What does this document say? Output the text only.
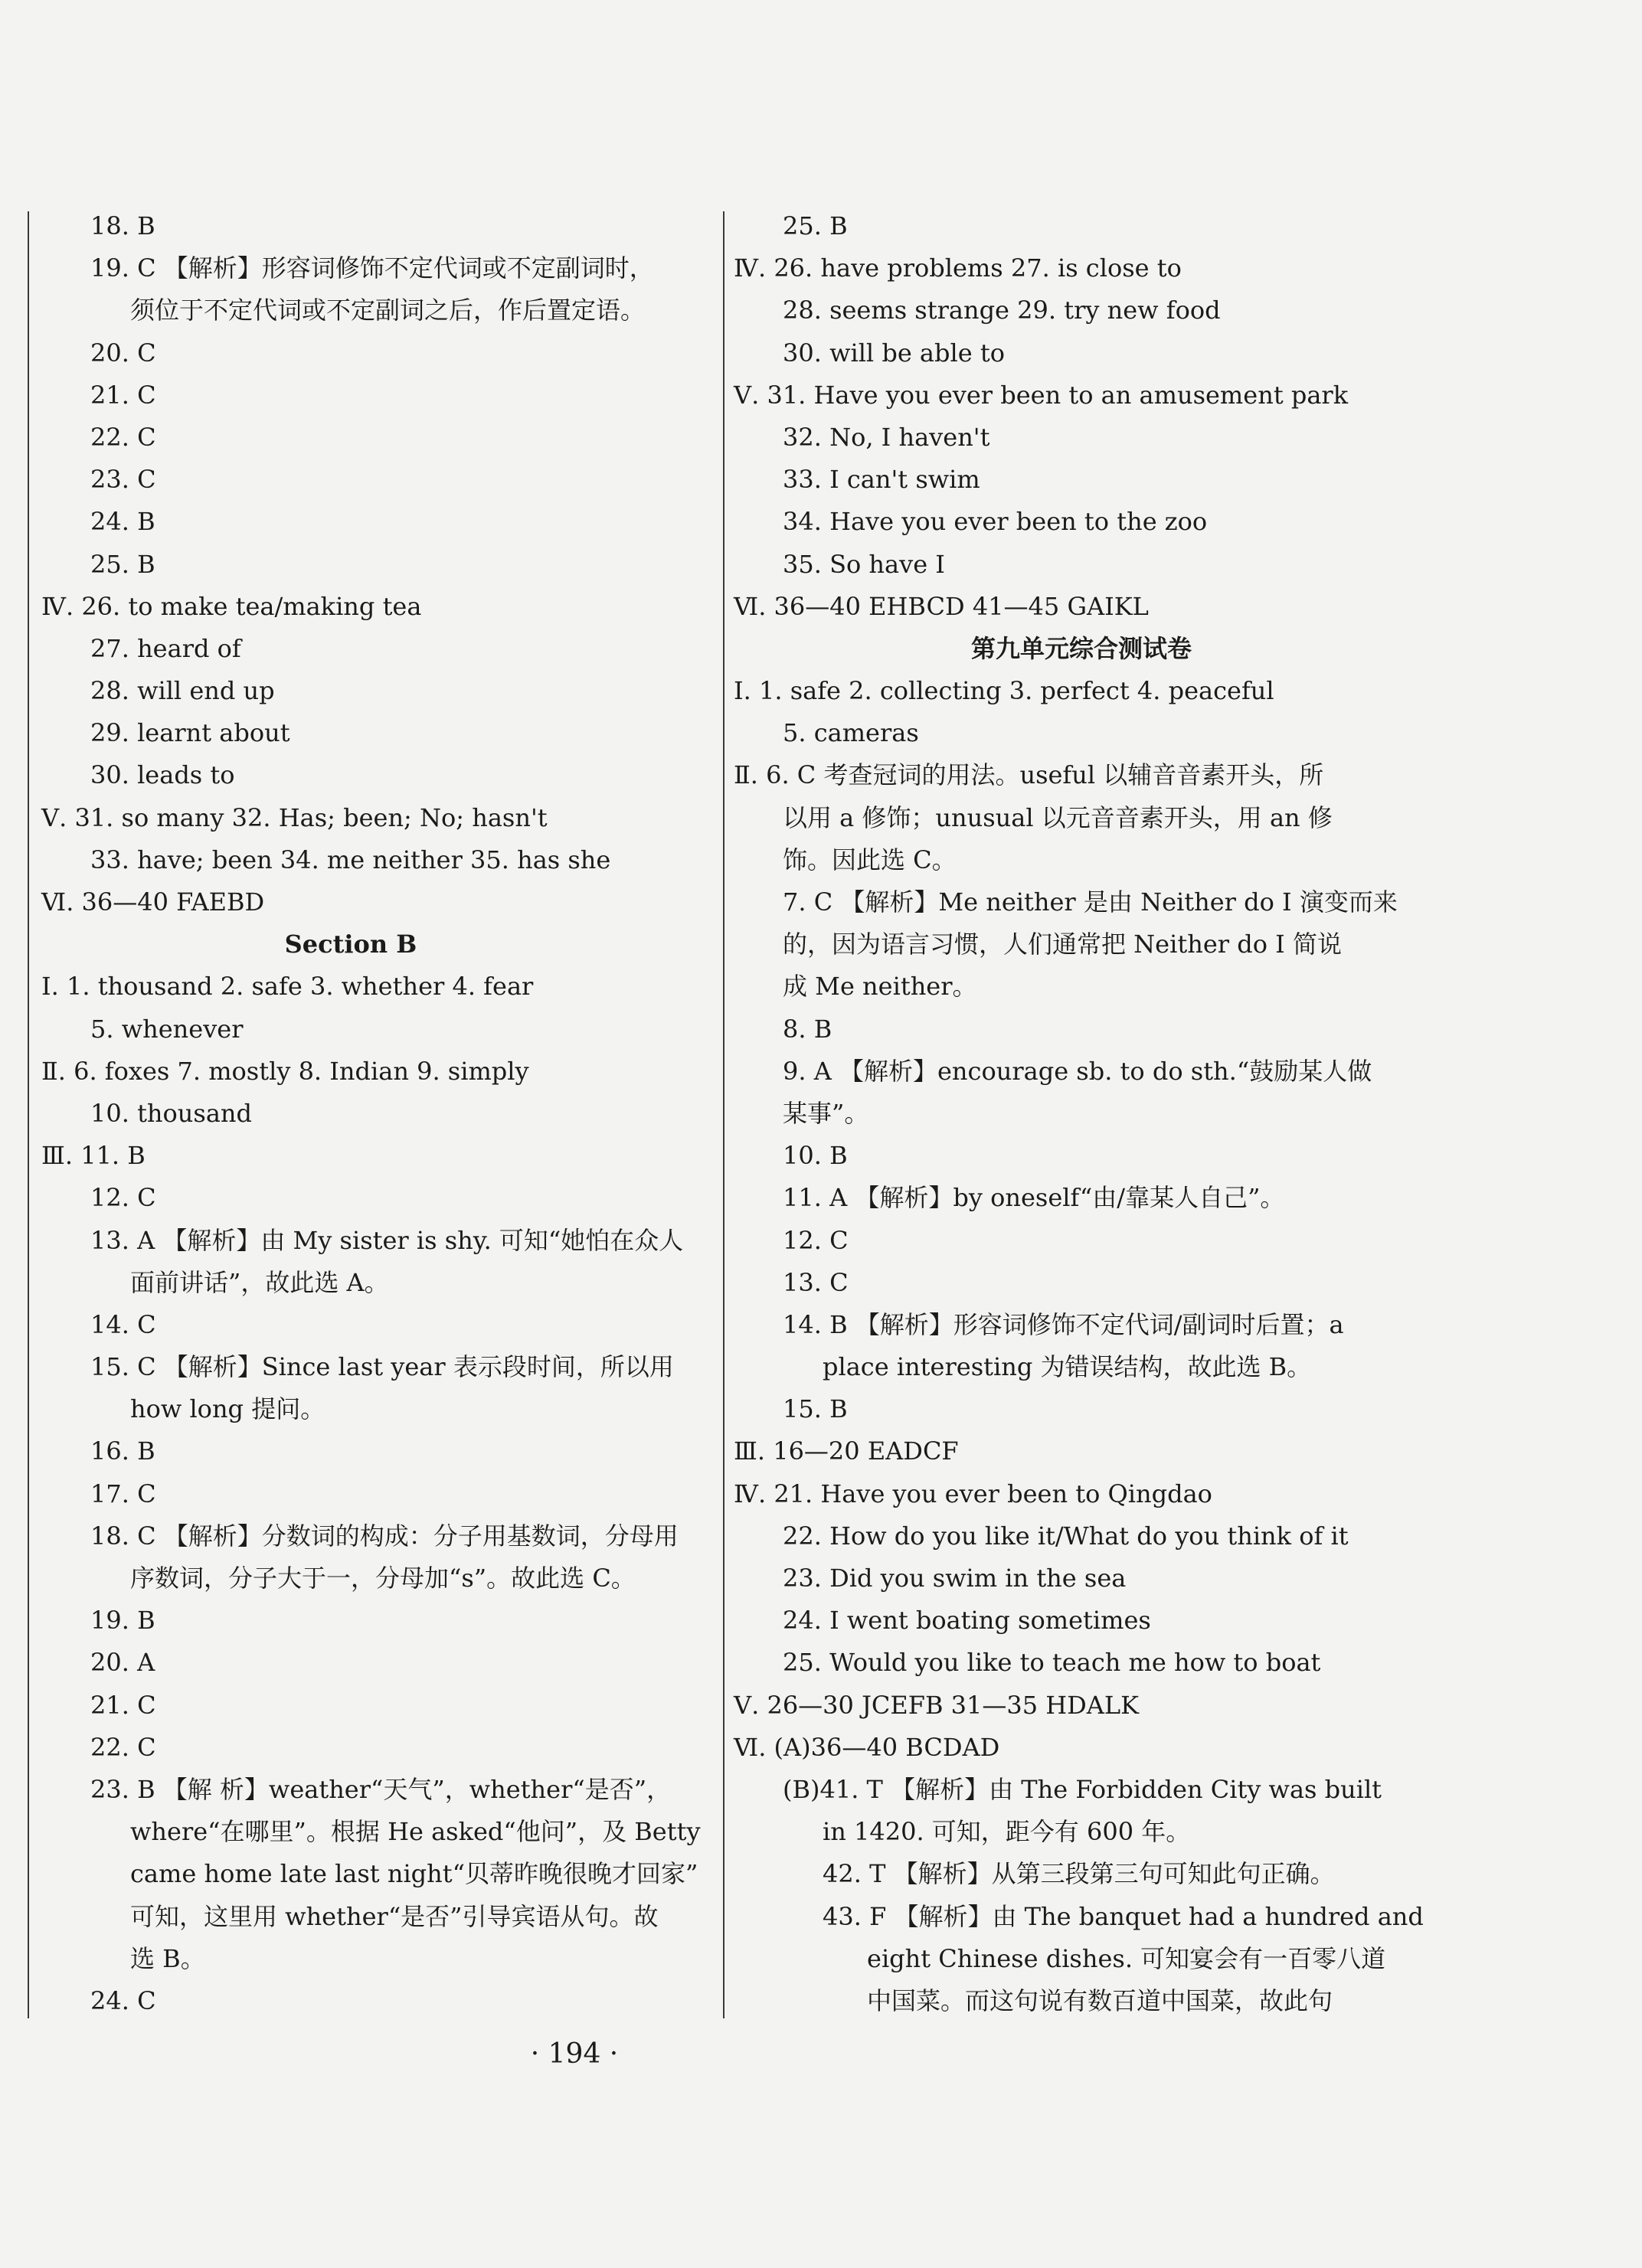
18. B
19. C 【解析】形容词修饰不定代词或不定副词时，
须位于不定代词或不定副词之后，作后置定语。
20. C
21. C
22. C
23. C
24. B
25. B
Ⅳ. 26. to make tea/making tea
27. heard of
28. will end up
29. learnt about
30. leads to
Ⅴ. 31. so many 32. Has; been; No; hasn't
33. have; been 34. me neither 35. has she
Ⅵ. 36—40 FAEBD
Section B
Ⅰ. 1. thousand 2. safe 3. whether 4. fear
5. whenever
Ⅱ. 6. foxes 7. mostly 8. Indian 9. simply
10. thousand
Ⅲ. 11. B
12. C
13. A 【解析】由 My sister is shy. 可知“她怕在众人
面前讲话”，故此选 A。
14. C
15. C 【解析】Since last year 表示段时间，所以用
how long 提问。
16. B
17. C
18. C 【解析】分数词的构成：分子用基数词，分母用
序数词，分子大于一，分母加“s”。故此选 C。
19. B
20. A
21. C
22. C
23. B 【解 析】weather“天气”，whether“是否”，
where“在哪里”。根据 He asked“他问”，及 Betty
came home late last night“贝蒂昨晚很晚才回家”
可知，这里用 whether“是否”引导宾语从句。故
选 B。
24. C
25. B
Ⅳ. 26. have problems 27. is close to
28. seems strange 29. try new food
30. will be able to
Ⅴ. 31. Have you ever been to an amusement park
32. No, I haven't
33. I can't swim
34. Have you ever been to the zoo
35. So have I
Ⅵ. 36—40 EHBCD 41—45 GAIKL
第九单元综合测试卷
Ⅰ. 1. safe 2. collecting 3. perfect 4. peaceful
5. cameras
Ⅱ. 6. C 考查冠词的用法。useful 以辅音音素开头，所
以用 a 修饰；unusual 以元音音素开头，用 an 修
饰。因此选 C。
7. C 【解析】Me neither 是由 Neither do I 演变而来
的，因为语言习惯，人们通常把 Neither do I 简说
成 Me neither。
8. B
9. A 【解析】encourage sb. to do sth.“鼓励某人做
某事”。
10. B
11. A 【解析】by oneself“由/靠某人自己”。
12. C
13. C
14. B 【解析】形容词修饰不定代词/副词时后置；a
place interesting 为错误结构，故此选 B。
15. B
Ⅲ. 16—20 EADCF
Ⅳ. 21. Have you ever been to Qingdao
22. How do you like it/What do you think of it
23. Did you swim in the sea
24. I went boating sometimes
25. Would you like to teach me how to boat
Ⅴ. 26—30 JCEFB 31—35 HDALK
Ⅵ. (A)36—40 BCDAD
(B)41. T 【解析】由 The Forbidden City was built
in 1420. 可知，距今有 600 年。
42. T 【解析】从第三段第三句可知此句正确。
43. F 【解析】由 The banquet had a hundred and
eight Chinese dishes. 可知宴会有一百零八道
中国菜。而这句说有数百道中国菜，故此句
· 194 ·
